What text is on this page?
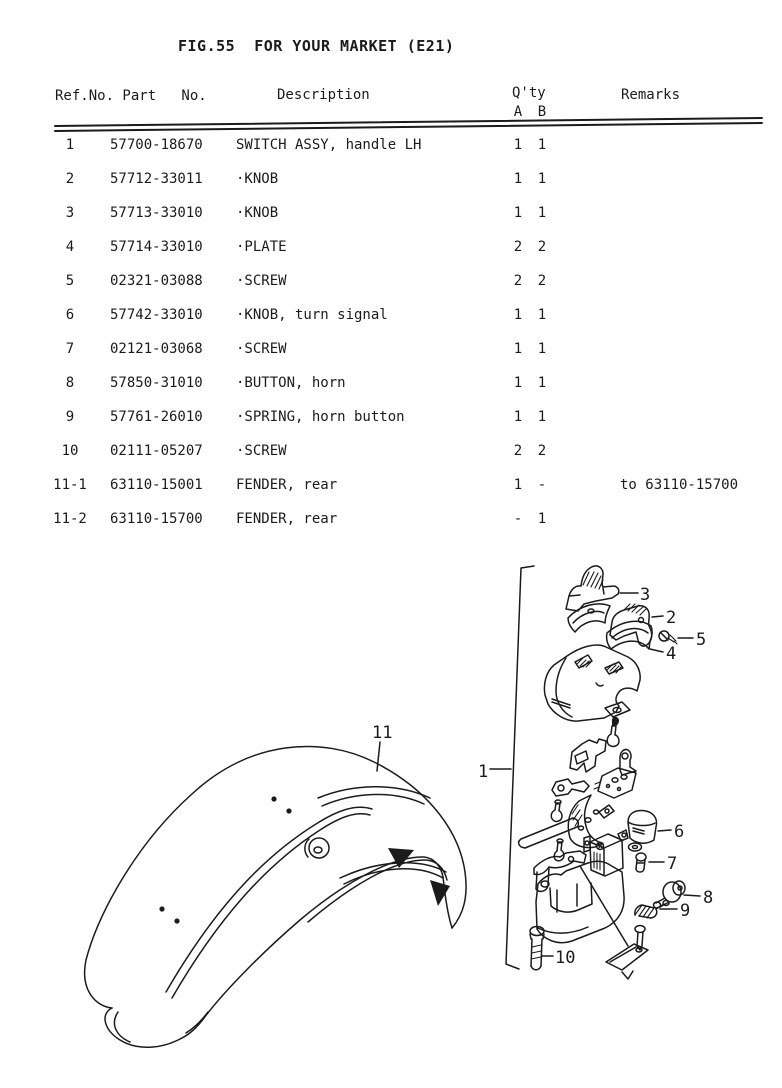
FIG.55  FOR YOUR MARKET (E21)
Ref.No. Part   No.	Description	Q'ty
A B
Remarks
1	57700-18670 SWITCH ASSY, handle LH	1	1
2	57712-33011 ·KNOB	1	1
3	57713-33010 ·KNOB	1	1
4	57714-33010 ·PLATE	2	2
5	02321-03088 ·SCREW	2	2
6	57742-33010 ·KNOB, turn signal	1	1
7	02121-03068 ·SCREW	1	1
8	57850-31010 ·BUTTON, horn	1	1
9	57761-26010 ·SPRING, horn button	1	1
10	02111-05207 ·SCREW	2	2
11-1	63110-15001 FENDER, rear	1	-	to 63110-15700
11-2	63110-15700 FENDER, rear	-	1
11
1
3
2
5
4
6
7
8
9
10
